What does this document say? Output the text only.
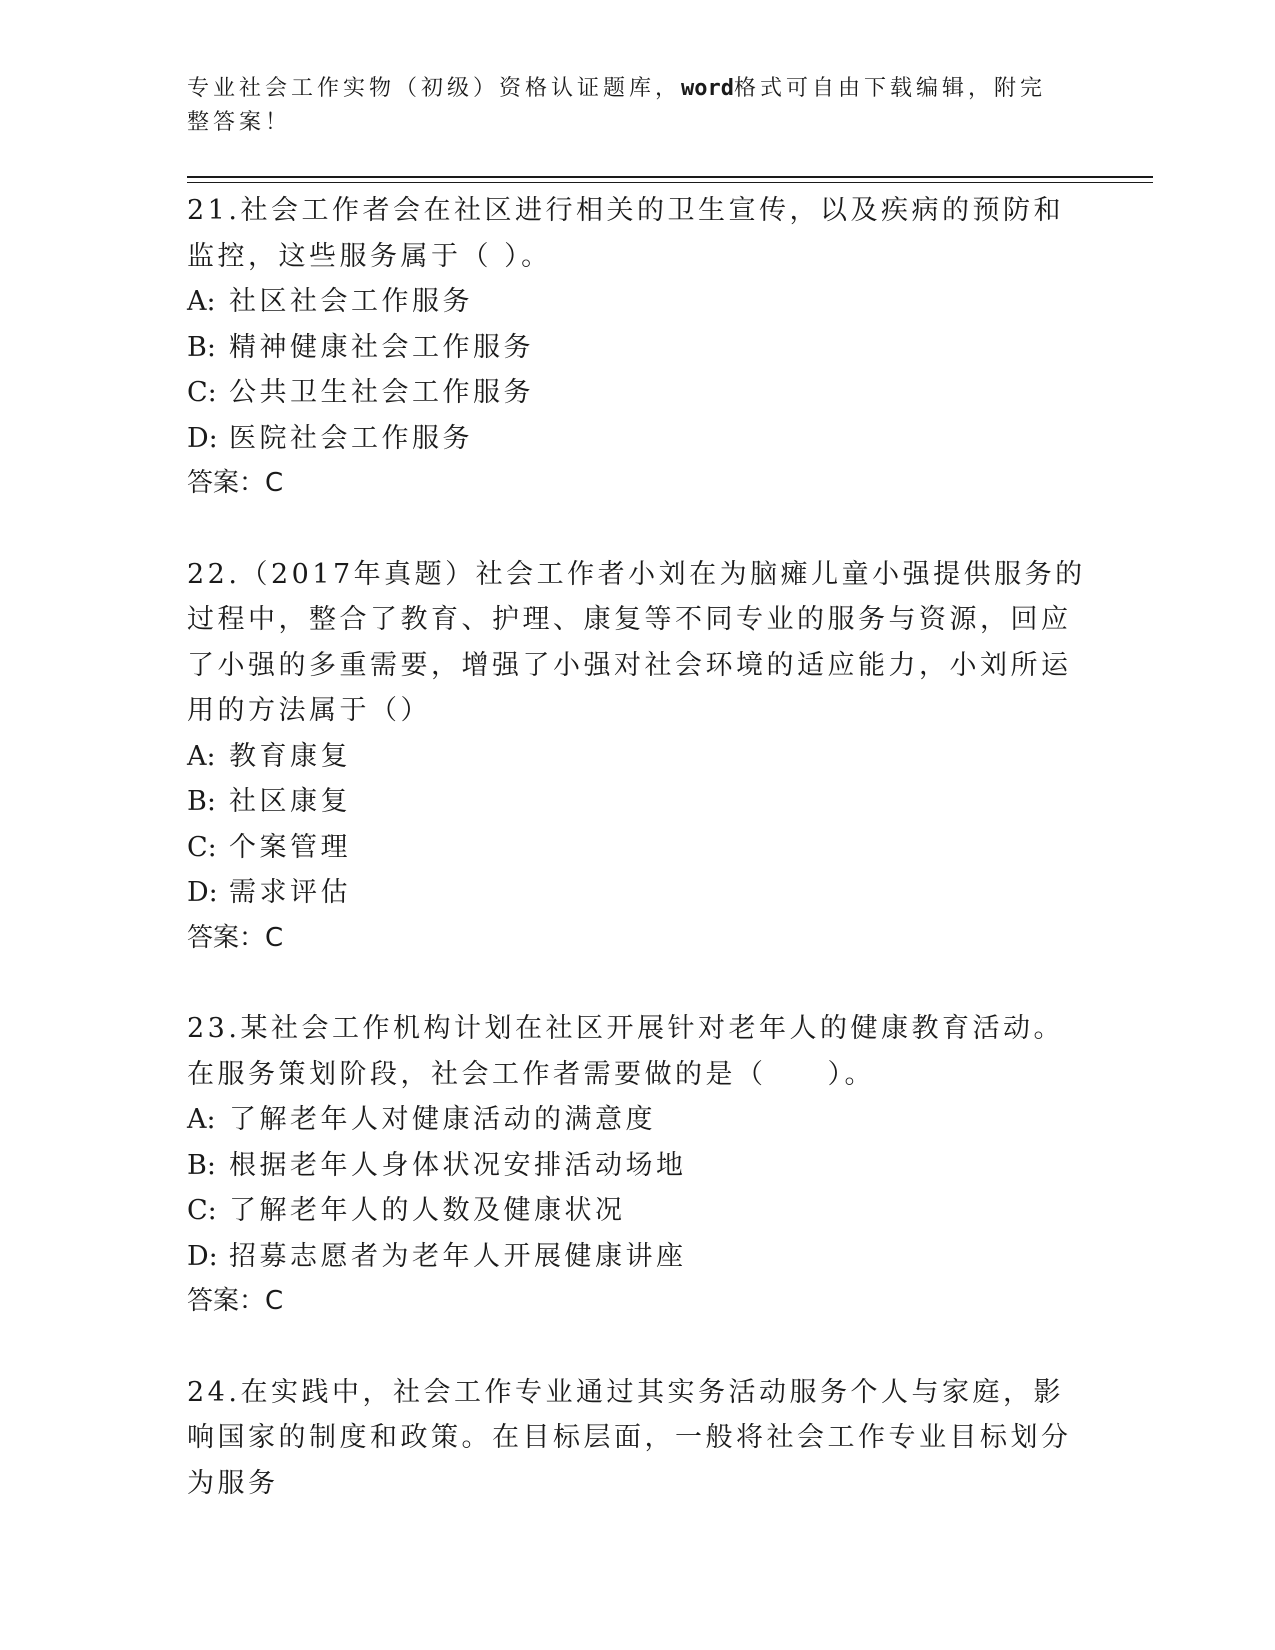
专业社会工作实物（初级）资格认证题库，word格式可自由下载编辑，附完整答案！

21.社会工作者会在社区进行相关的卫生宣传，以及疾病的预防和监控，这些服务属于（ ）。

A: 社区社会工作服务

B: 精神健康社会工作服务

C: 公共卫生社会工作服务

D: 医院社会工作服务

答案：C

22.（2017年真题）社会工作者小刘在为脑瘫儿童小强提供服务的过程中，整合了教育、护理、康复等不同专业的服务与资源，回应了小强的多重需要，增强了小强对社会环境的适应能力，小刘所运用的方法属于（）

A: 教育康复

B: 社区康复

C: 个案管理

D: 需求评估

答案：C

23.某社会工作机构计划在社区开展针对老年人的健康教育活动。在服务策划阶段，社会工作者需要做的是（　　）。

A: 了解老年人对健康活动的满意度

B: 根据老年人身体状况安排活动场地

C: 了解老年人的人数及健康状况

D: 招募志愿者为老年人开展健康讲座

答案：C

24.在实践中，社会工作专业通过其实务活动服务个人与家庭，影响国家的制度和政策。在目标层面，一般将社会工作专业目标划分为服务
